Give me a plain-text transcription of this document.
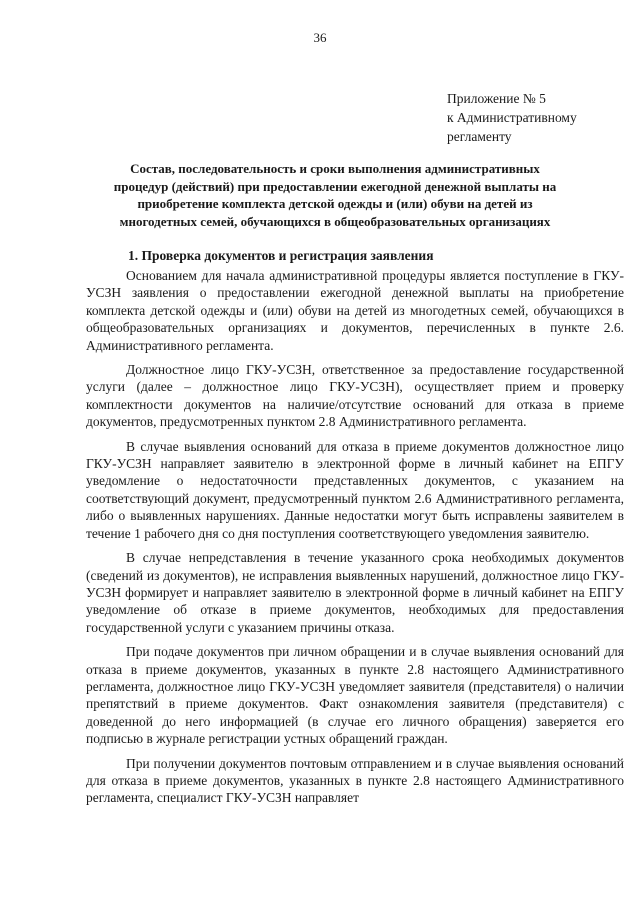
36
Приложение № 5
к Административному
регламенту
Состав, последовательность и сроки выполнения административных
процедур (действий) при предоставлении ежегодной денежной выплаты на
приобретение комплекта детской одежды и (или) обуви на детей из
многодетных семей, обучающихся в общеобразовательных организациях
1. Проверка документов и регистрация заявления

Основанием для начала административной процедуры является поступление в ГКУ-УСЗН заявления о предоставлении ежегодной денежной выплаты на приобретение комплекта детской одежды и (или) обуви на детей из многодетных семей, обучающихся в общеобразовательных организациях и документов, перечисленных в пункте 2.6. Административного регламента.

Должностное лицо ГКУ-УСЗН, ответственное за предоставление государственной услуги (далее – должностное лицо ГКУ-УСЗН), осуществляет прием и проверку комплектности документов на наличие/отсутствие оснований для отказа в приеме документов, предусмотренных пунктом 2.8 Административного регламента.

В случае выявления оснований для отказа в приеме документов должностное лицо ГКУ-УСЗН направляет заявителю в электронной форме в личный кабинет на ЕПГУ уведомление о недостаточности представленных документов, с указанием на соответствующий документ, предусмотренный пунктом 2.6 Административного регламента, либо о выявленных нарушениях. Данные недостатки могут быть исправлены заявителем в течение 1 рабочего дня со дня поступления соответствующего уведомления заявителю.

В случае непредставления в течение указанного срока необходимых документов (сведений из документов), не исправления выявленных нарушений, должностное лицо ГКУ-УСЗН формирует и направляет заявителю в электронной форме в личный кабинет на ЕПГУ уведомление об отказе в приеме документов, необходимых для предоставления государственной услуги с указанием причины отказа.

При подаче документов при личном обращении и в случае выявления оснований для отказа в приеме документов, указанных в пункте 2.8 настоящего Административного регламента, должностное лицо ГКУ-УСЗН уведомляет заявителя (представителя) о наличии препятствий в приеме документов. Факт ознакомления заявителя (представителя) с доведенной до него информацией (в случае его личного обращения) заверяется его подписью в журнале регистрации устных обращений граждан.

При получении документов почтовым отправлением и в случае выявления оснований для отказа в приеме документов, указанных в пункте 2.8 настоящего Административного регламента, специалист ГКУ-УСЗН направляет
